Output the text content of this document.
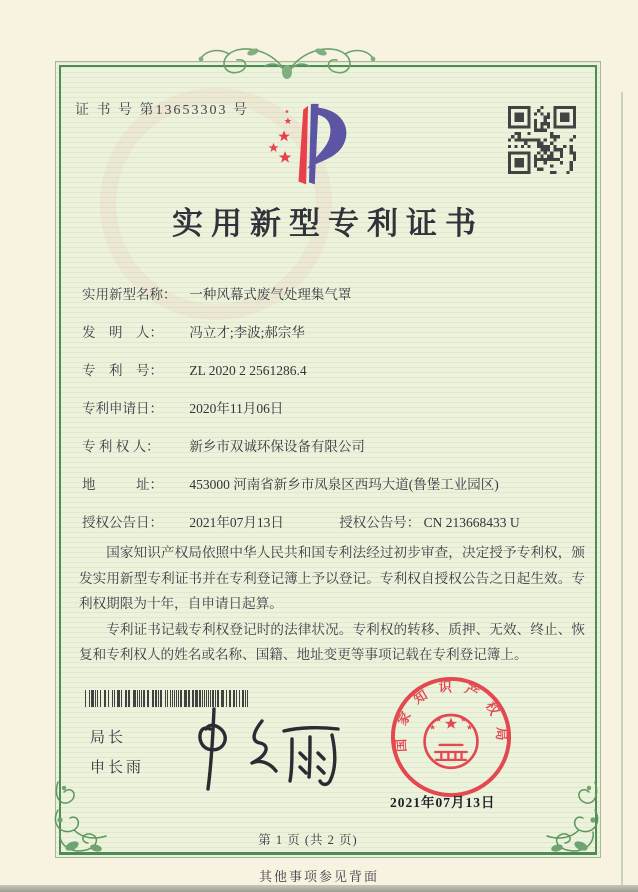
证 书 号 第13653303 号
实用新型专利证书
实用新型名称： 一种风幕式废气处理集气罩
发　明　人： 冯立才;李波;郝宗华
专　利　号： ZL 2020 2 2561286.4
专利申请日： 2020年11月06日
专 利 权 人： 新乡市双诚环保设备有限公司
地　　　址： 453000 河南省新乡市凤泉区西玛大道(鲁堡工业园区)
授权公告日： 2021年07月13日	授权公告号： CN 213668433 U

国家知识产权局依照中华人民共和国专利法经过初步审查，决定授予专利权，颁发实用新型专利证书并在专利登记簿上予以登记。专利权自授权公告之日起生效。专利权期限为十年，自申请日起算。

专利证书记载专利权登记时的法律状况。专利权的转移、质押、无效、终止、恢复和专利权人的姓名或名称、国籍、地址变更等事项记载在专利登记簿上。

局长
申长雨
国家知识产权局
2021年07月13日
第 1 页 (共 2 页)
其他事项参见背面
